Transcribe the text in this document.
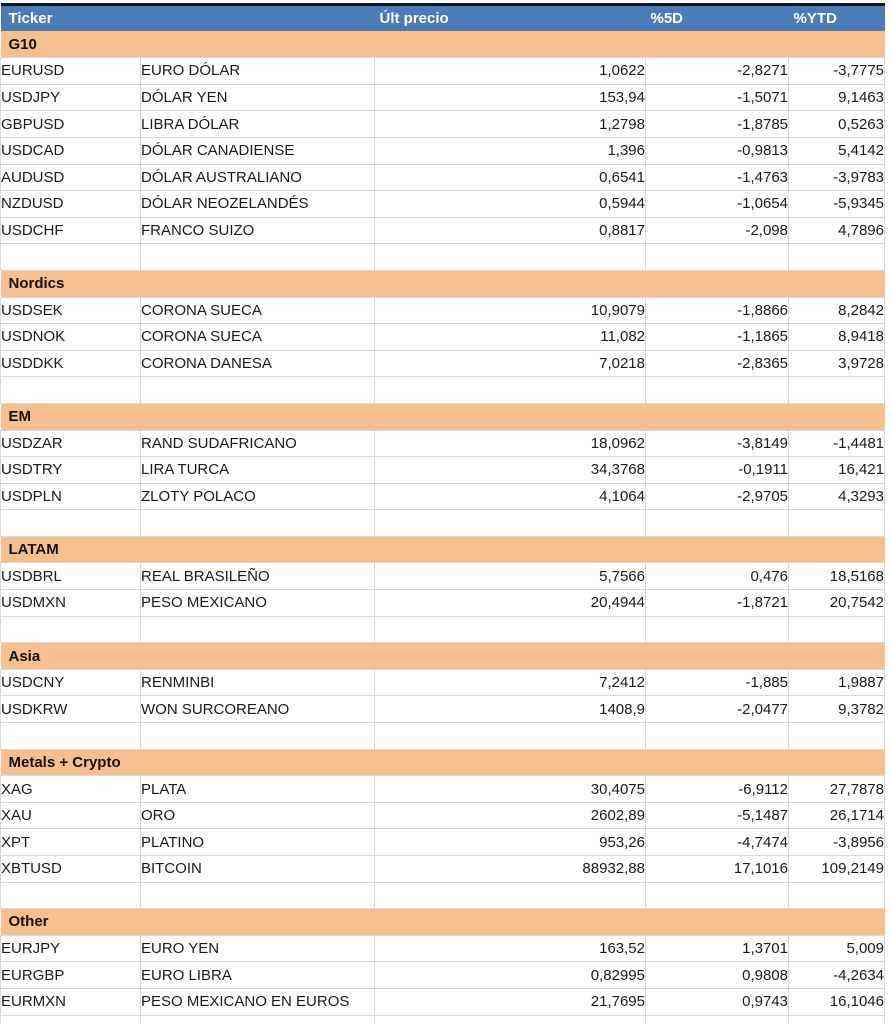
Ticker		Últ precio	%5D	%YTD
G10				
EURUSD	EURO DÓLAR	1,0622	-2,8271	-3,7775
USDJPY	DÓLAR YEN	153,94	-1,5071	9,1463
GBPUSD	LIBRA DÓLAR	1,2798	-1,8785	0,5263
USDCAD	DÓLAR CANADIENSE	1,396	-0,9813	5,4142
AUDUSD	DÓLAR AUSTRALIANO	0,6541	-1,4763	-3,9783
NZDUSD	DÓLAR NEOZELANDÉS	0,5944	-1,0654	-5,9345
USDCHF	FRANCO SUIZO	0,8817	-2,098	4,7896

Nordics				
USDSEK	CORONA SUECA	10,9079	-1,8866	8,2842
USDNOK	CORONA SUECA	11,082	-1,1865	8,9418
USDDKK	CORONA DANESA	7,0218	-2,8365	3,9728

EM				
USDZAR	RAND SUDAFRICANO	18,0962	-3,8149	-1,4481
USDTRY	LIRA TURCA	34,3768	-0,1911	16,421
USDPLN	ZLOTY POLACO	4,1064	-2,9705	4,3293

LATAM				
USDBRL	REAL BRASILEÑO	5,7566	0,476	18,5168
USDMXN	PESO MEXICANO	20,4944	-1,8721	20,7542

Asia				
USDCNY	RENMINBI	7,2412	-1,885	1,9887
USDKRW	WON SURCOREANO	1408,9	-2,0477	9,3782

Metals + Crypto				
XAG	PLATA	30,4075	-6,9112	27,7878
XAU	ORO	2602,89	-5,1487	26,1714
XPT	PLATINO	953,26	-4,7474	-3,8956
XBTUSD	BITCOIN	88932,88	17,1016	109,2149

Other				
EURJPY	EURO YEN	163,52	1,3701	5,009
EURGBP	EURO LIBRA	0,82995	0,9808	-4,2634
EURMXN	PESO MEXICANO EN EUROS	21,7695	0,9743	16,1046
